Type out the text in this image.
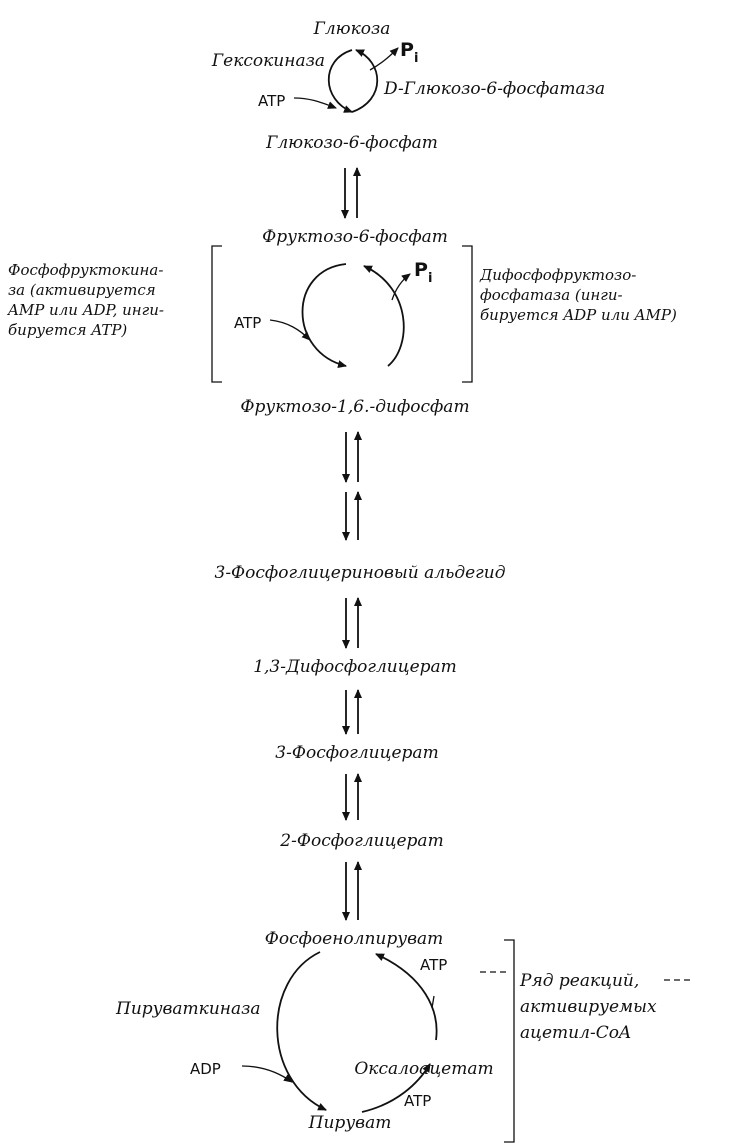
Глюкоза
Гексокиназа	$P_i$
D-Глюкозо-6-фосфатаза
ATP
Глюкозо-6-фосфат
Фруктозо-6-фосфат
Фосфофруктокина-
за (активируется
AMP или ADP, инги-
бируется ATP)
Дифосфофруктозо-
фосфатаза (инги-
бируется ADP или AMP)
$P_i$
ATP
Фруктозо-1,6.-дифосфат
3-Фосфоглицериновый альдегид
1,3-Дифосфоглицерат
3-Фосфоглицерат
2-Фосфоглицерат
Фосфоенолпируват
Пируваткиназа
ADP
Пируват
ATP
Оксалоацетат
ATP
Ряд реакций,
активируемых
ацетил-CoA
